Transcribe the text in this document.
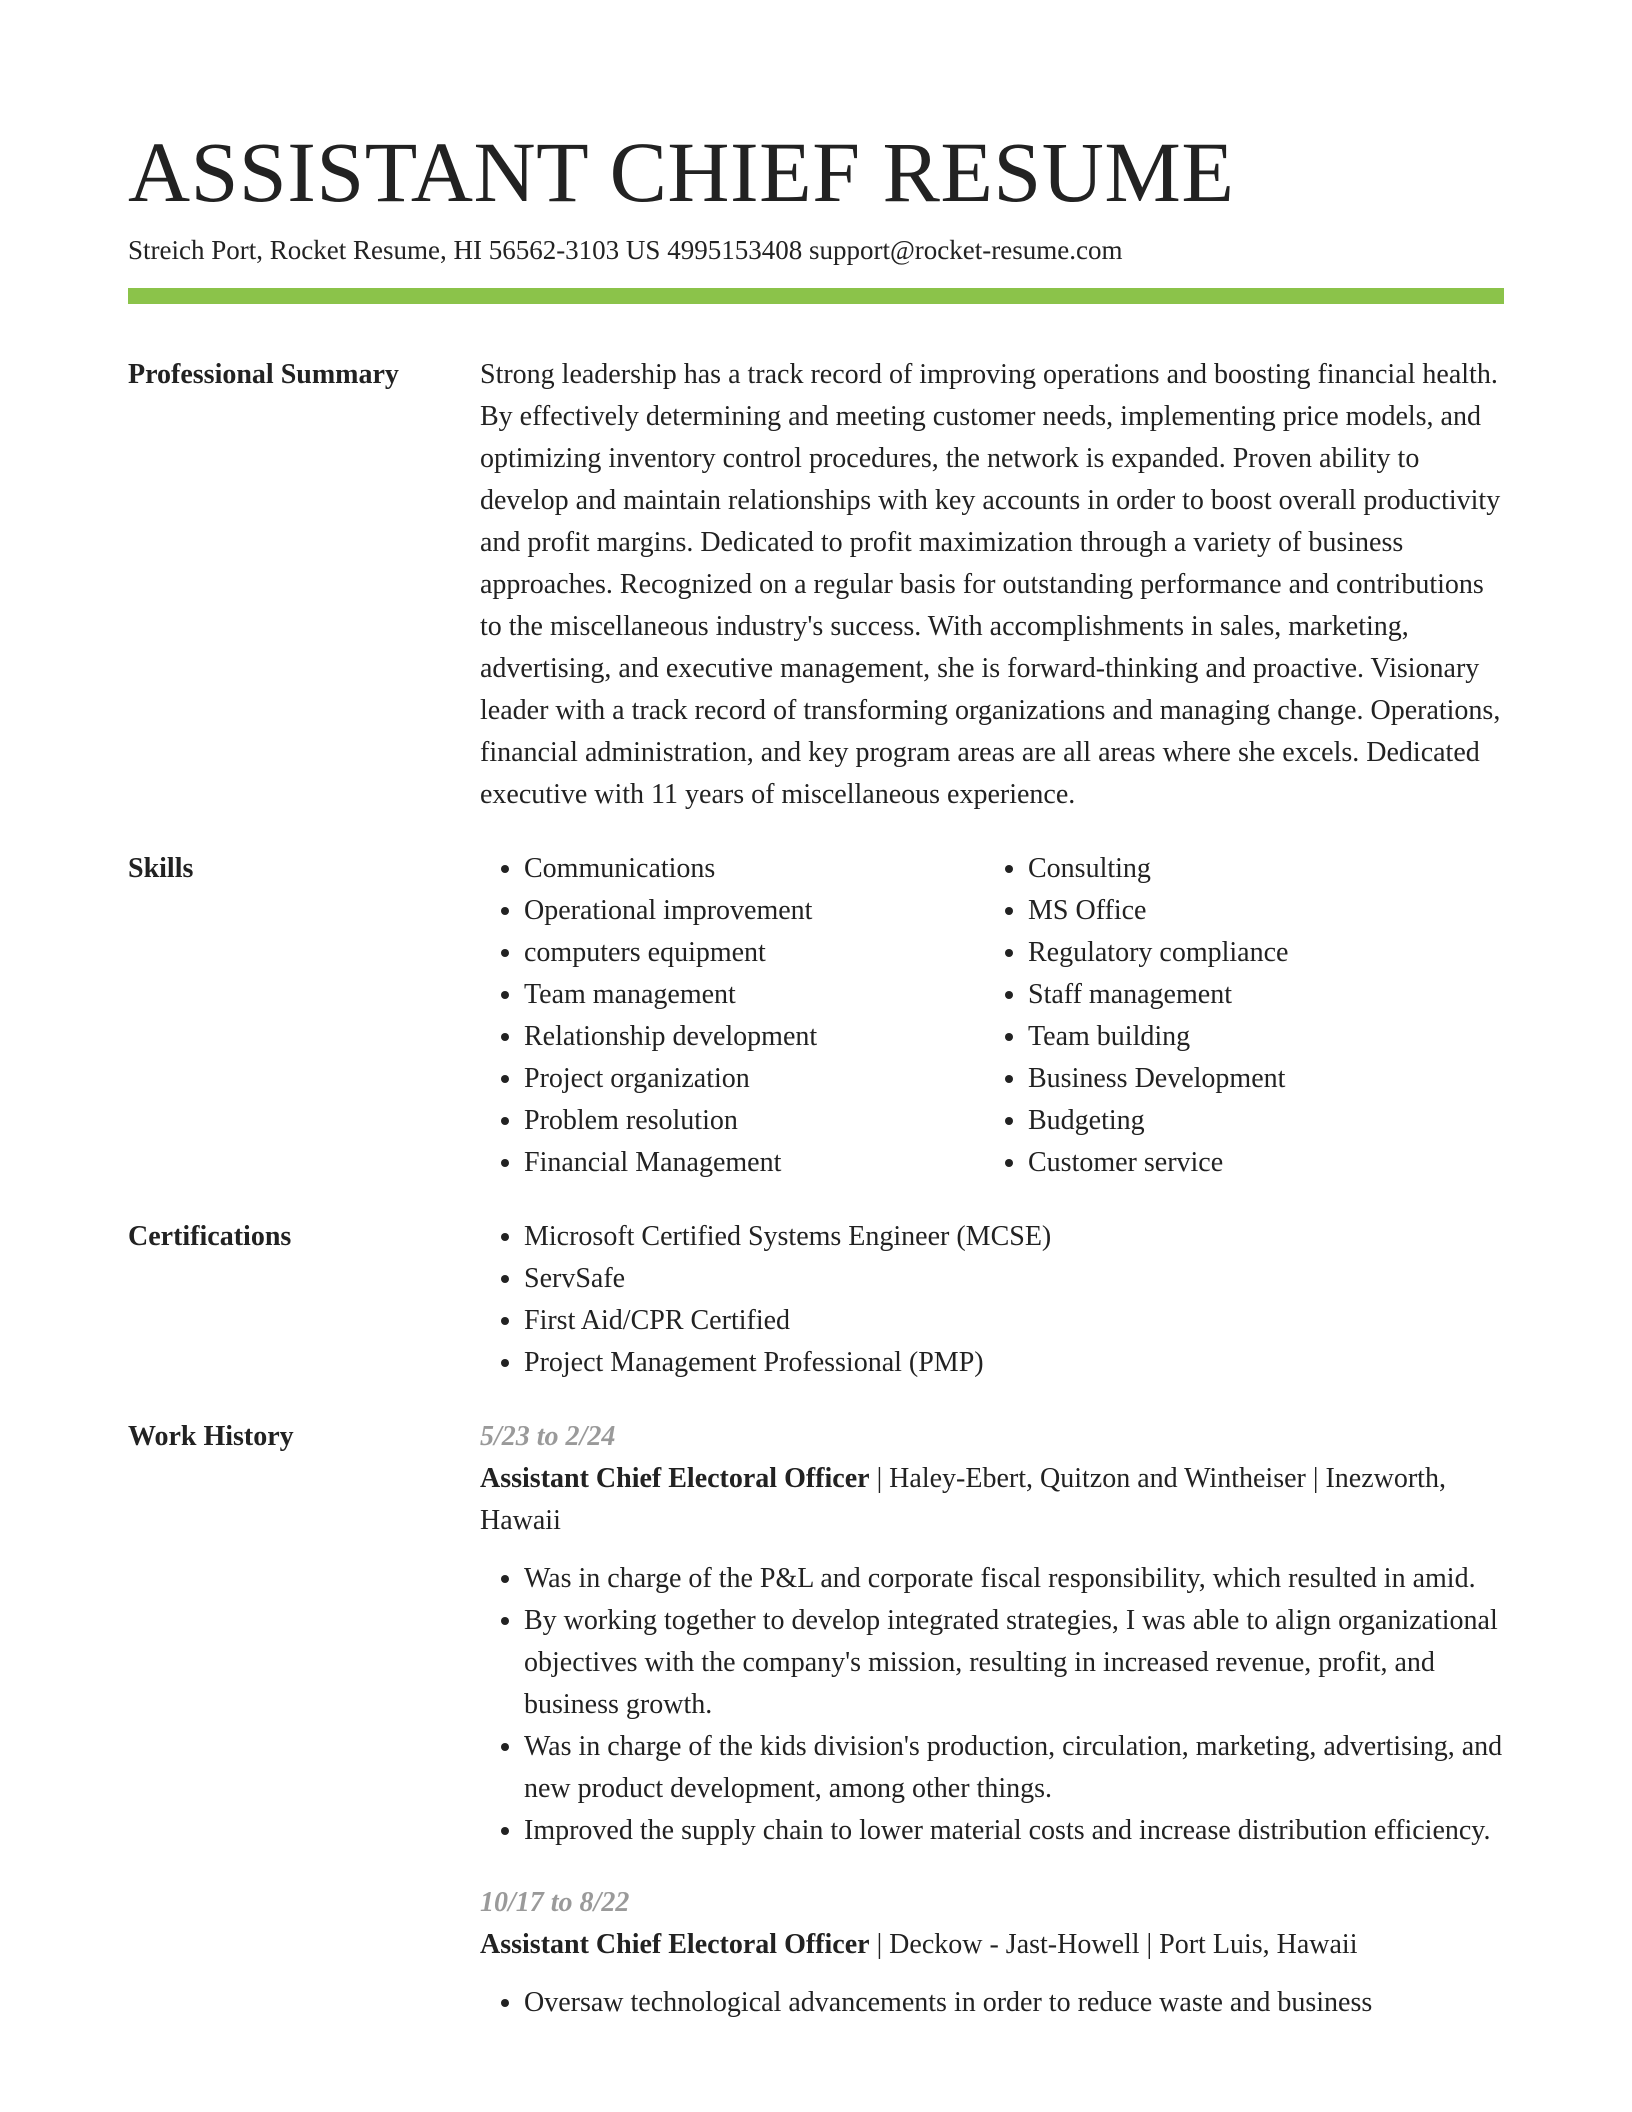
ASSISTANT CHIEF RESUME
Streich Port, Rocket Resume, HI 56562-3103 US 4995153408 support@rocket-resume.com
Professional Summary	Strong leadership has a track record of improving operations and boosting financial health. By effectively determining and meeting customer needs, implementing price models, and optimizing inventory control procedures, the network is expanded. Proven ability to develop and maintain relationships with key accounts in order to boost overall productivity and profit margins. Dedicated to profit maximization through a variety of business approaches. Recognized on a regular basis for outstanding performance and contributions to the miscellaneous industry's success. With accomplishments in sales, marketing, advertising, and executive management, she is forward-thinking and proactive. Visionary leader with a track record of transforming organizations and managing change. Operations, financial administration, and key program areas are all areas where she excels. Dedicated executive with 11 years of miscellaneous experience.

Skills	• Communications
• Operational improvement
• computers equipment
• Team management
• Relationship development
• Project organization
• Problem resolution
• Financial Management
• Consulting
• MS Office
• Regulatory compliance
• Staff management
• Team building
• Business Development
• Budgeting
• Customer service
Certifications	• Microsoft Certified Systems Engineer (MCSE)
• ServSafe
• First Aid/CPR Certified
• Project Management Professional (PMP)
Work History	5/23 to 2/24
Assistant Chief Electoral Officer | Haley-Ebert, Quitzon and Wintheiser | Inezworth, Hawaii
• Was in charge of the P&L and corporate fiscal responsibility, which resulted in amid.
• By working together to develop integrated strategies, I was able to align organizational objectives with the company's mission, resulting in increased revenue, profit, and business growth.
• Was in charge of the kids division's production, circulation, marketing, advertising, and new product development, among other things.
• Improved the supply chain to lower material costs and increase distribution efficiency.
10/17 to 8/22
Assistant Chief Electoral Officer | Deckow - Jast-Howell | Port Luis, Hawaii
• Oversaw technological advancements in order to reduce waste and business
